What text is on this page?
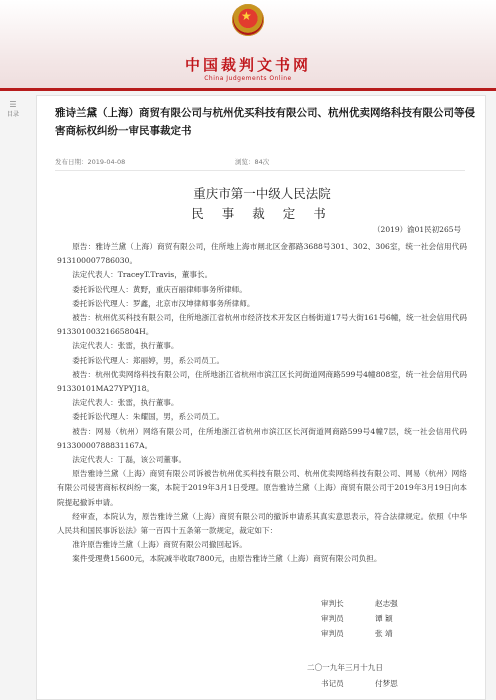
★
中国裁判文书网
China Judgements Online
☰
目录	雅诗兰黛（上海）商贸有限公司与杭州优买科技有限公司、杭州优卖网络科技有限公司等侵害商标权纠纷一审民事裁定书
发布日期：2019-04-08	浏览：84次
重庆市第一中级人民法院
民 事 裁 定 书
（2019）渝01民初265号

原告：雅诗兰黛（上海）商贸有限公司，住所地上海市闸北区金都路3688号301、302、306室，统一社会信用代码913100007786030。

法定代表人：TraceyT.Travis，董事长。

委托诉讼代理人：黄野，重庆百丽律师事务所律师。

委托诉讼代理人：罗鑫，北京市汉坤律师事务所律师。

被告：杭州优买科技有限公司，住所地浙江省杭州市经济技术开发区白杨街道17号大街161号6幢，统一社会信用代码91330100321665804H。

法定代表人：张雷，执行董事。

委托诉讼代理人：郑丽婷，男，系公司员工。

被告：杭州优卖网络科技有限公司，住所地浙江省杭州市滨江区长河街道网商路599号4幢808室，统一社会信用代码91330101MA27YPYJ18。

法定代表人：张雷，执行董事。

委托诉讼代理人：朱耀国，男，系公司员工。

被告：网易（杭州）网络有限公司，住所地浙江省杭州市滨江区长河街道网商路599号4幢7层，统一社会信用代码91330000788831167A。

法定代表人：丁磊，该公司董事。

原告雅诗兰黛（上海）商贸有限公司诉被告杭州优买科技有限公司、杭州优卖网络科技有限公司、网易（杭州）网络有限公司侵害商标权纠纷一案，本院于2019年3月1日受理。原告雅诗兰黛（上海）商贸有限公司于2019年3月19日向本院提起撤诉申请。

经审查，本院认为，原告雅诗兰黛（上海）商贸有限公司的撤诉申请系其真实意思表示，符合法律规定。依照《中华人民共和国民事诉讼法》第一百四十五条第一款规定，裁定如下：

准许原告雅诗兰黛（上海）商贸有限公司撤回起诉。

案件受理费15600元，本院减半收取7800元，由原告雅诗兰黛（上海）商贸有限公司负担。

审判长	赵志强
审判员	谭 颖
审判员	张 靖
二〇一九年三月十九日
书记员	付梦思
